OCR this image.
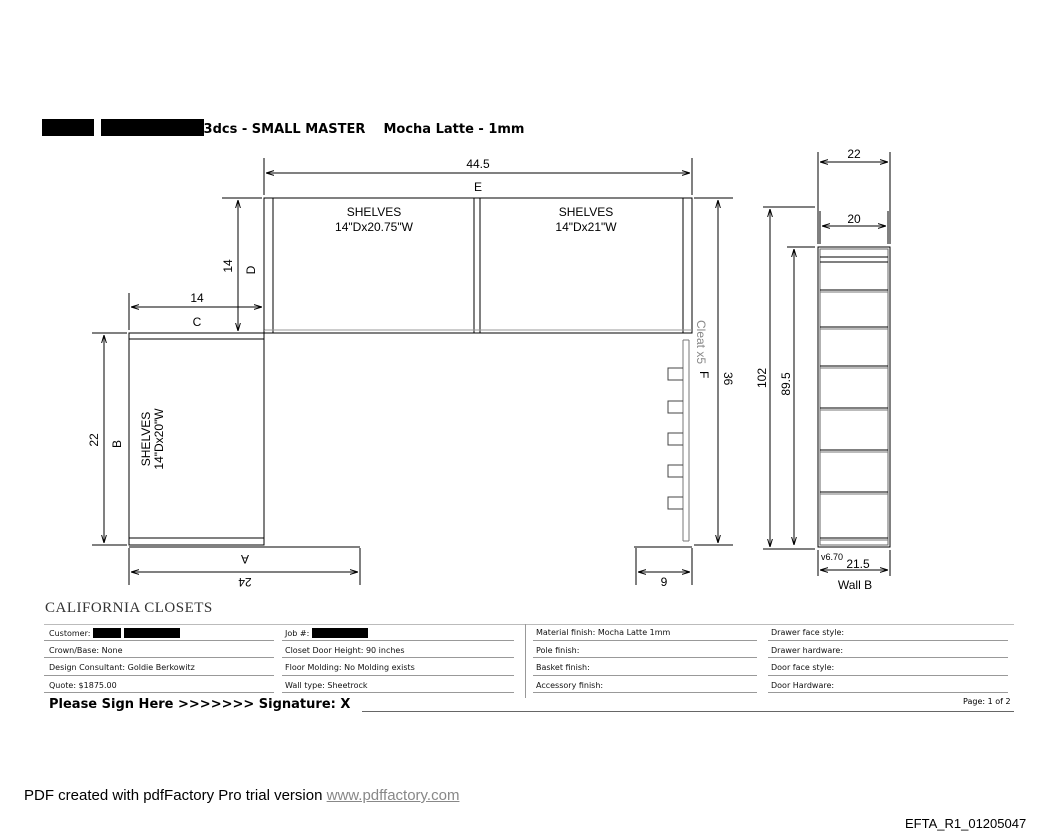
3dcs - SMALL MASTER Mocha Latte - 1mm
SHELVES
14"Dx20.75"W
SHELVES
14"Dx21"W
44.5
E
14 D
SHELVES 14"Dx20"W
14
C
22 B
A
24
Cleat x5
F 36
9
22
20
102 89.5
v6.70 21.5
Wall B
CALIFORNIA CLOSETS
Customer:
Crown/Base: None
Design Consultant: Goldie Berkowitz
Quote: $1875.00
Job #:
Closet Door Height: 90 inches
Floor Molding: No Molding exists
Wall type: Sheetrock
Material finish: Mocha Latte 1mm
Pole finish:
Basket finish:
Accessory finish:
Drawer face style:
Drawer hardware:
Door face style:
Door Hardware:
Please Sign Here >>>>>>> Signature: X	Page: 1 of 2
PDF created with pdfFactory Pro trial version www.pdffactory.com
EFTA_R1_01205047
